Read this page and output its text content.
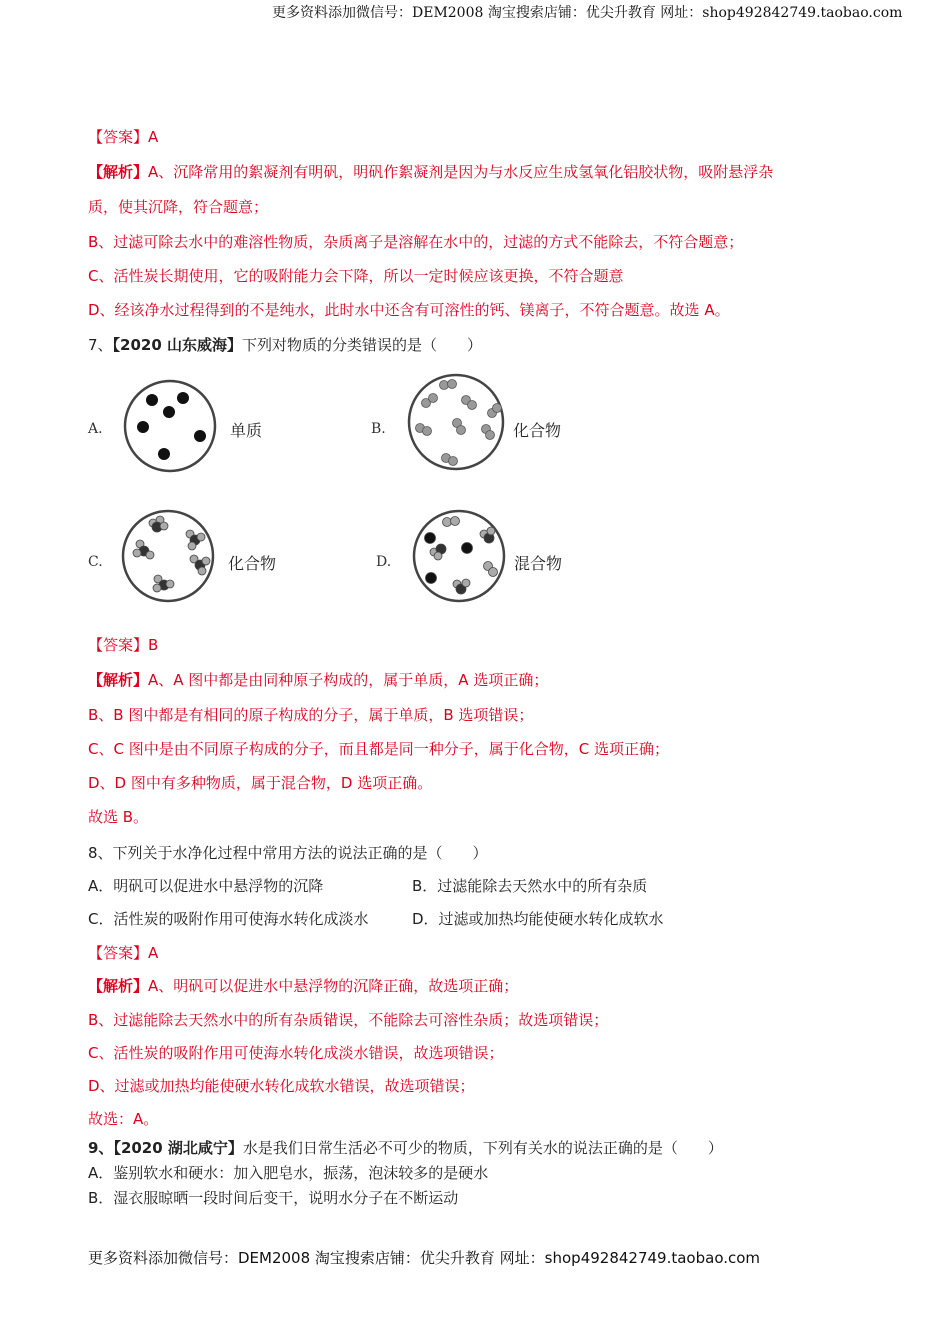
更多资料添加微信号：DEM2008 淘宝搜索店铺：优尖升教育 网址：shop492842749.taobao.com
【答案】A
【解析】A、沉降常用的絮凝剂有明矾，明矾作絮凝剂是因为与水反应生成氢氧化铝胶状物，吸附悬浮杂
质，使其沉降，符合题意；
B、过滤可除去水中的难溶性物质，杂质离子是溶解在水中的，过滤的方式不能除去，不符合题意；
C、活性炭长期使用，它的吸附能力会下降，所以一定时候应该更换，不符合题意
D、经该净水过程得到的不是纯水，此时水中还含有可溶性的钙、镁离子，不符合题意。故选 A。
7、【2020 山东威海】下列对物质的分类错误的是（　　）
A.	单质	B.	化合物
C.	化合物	D.	混合物
【答案】B
【解析】A、A 图中都是由同种原子构成的，属于单质，A 选项正确；
B、B 图中都是有相同的原子构成的分子，属于单质，B 选项错误；
C、C 图中是由不同原子构成的分子，而且都是同一种分子，属于化合物，C 选项正确；
D、D 图中有多种物质，属于混合物，D 选项正确。
故选 B。
8、下列关于水净化过程中常用方法的说法正确的是（　　）
A．明矾可以促进水中悬浮物的沉降	B．过滤能除去天然水中的所有杂质
C．活性炭的吸附作用可使海水转化成淡水	D．过滤或加热均能使硬水转化成软水
【答案】A
【解析】A、明矾可以促进水中悬浮物的沉降正确，故选项正确；
B、过滤能除去天然水中的所有杂质错误，不能除去可溶性杂质；故选项错误；
C、活性炭的吸附作用可使海水转化成淡水错误，故选项错误；
D、过滤或加热均能使硬水转化成软水错误，故选项错误；
故选：A。
9、【2020 湖北咸宁】水是我们日常生活必不可少的物质，下列有关水的说法正确的是（　　）
A．鉴别软水和硬水：加入肥皂水，振荡，泡沫较多的是硬水
B．湿衣服晾晒一段时间后变干，说明水分子在不断运动
更多资料添加微信号：DEM2008 淘宝搜索店铺：优尖升教育 网址：shop492842749.taobao.com
